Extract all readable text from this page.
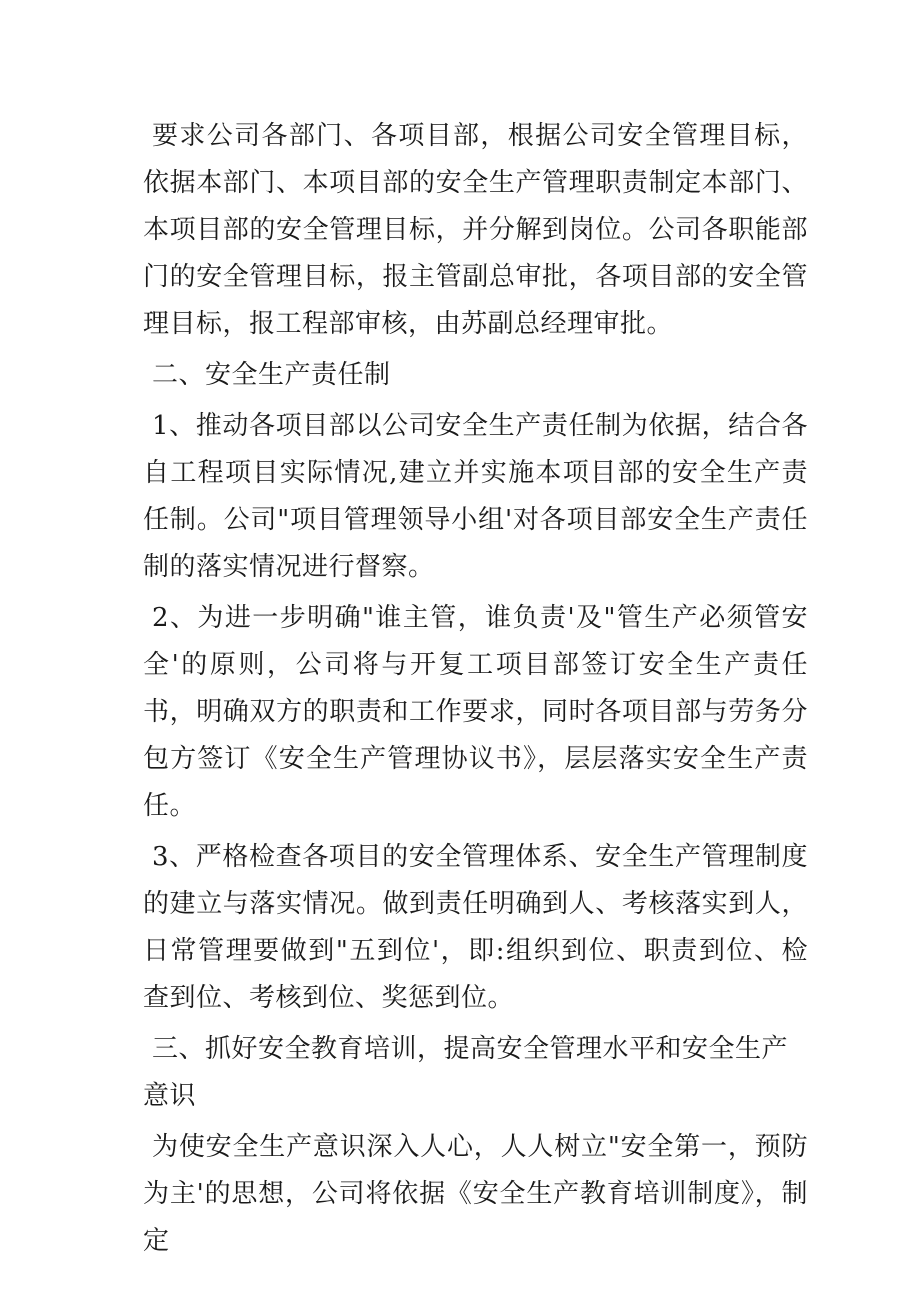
要求公司各部门、各项目部，根据公司安全管理目标，依据本部门、本项目部的安全生产管理职责制定本部门、本项目部的安全管理目标，并分解到岗位。公司各职能部门的安全管理目标，报主管副总审批，各项目部的安全管理目标，报工程部审核，由苏副总经理审批。

二、安全生产责任制

1、推动各项目部以公司安全生产责任制为依据，结合各自工程项目实际情况,建立并实施本项目部的安全生产责任制。公司"项目管理领导小组'对各项目部安全生产责任制的落实情况进行督察。

2、为进一步明确"谁主管，谁负责'及"管生产必须管安全'的原则，公司将与开复工项目部签订安全生产责任书，明确双方的职责和工作要求，同时各项目部与劳务分包方签订《安全生产管理协议书》，层层落实安全生产责任。

3、严格检查各项目的安全管理体系、安全生产管理制度的建立与落实情况。做到责任明确到人、考核落实到人，日常管理要做到"五到位'，即:组织到位、职责到位、检查到位、考核到位、奖惩到位。

三、抓好安全教育培训，提高安全管理水平和安全生产意识

为使安全生产意识深入人心，人人树立"安全第一，预防为主'的思想，公司将依据《安全生产教育培训制度》，制定
